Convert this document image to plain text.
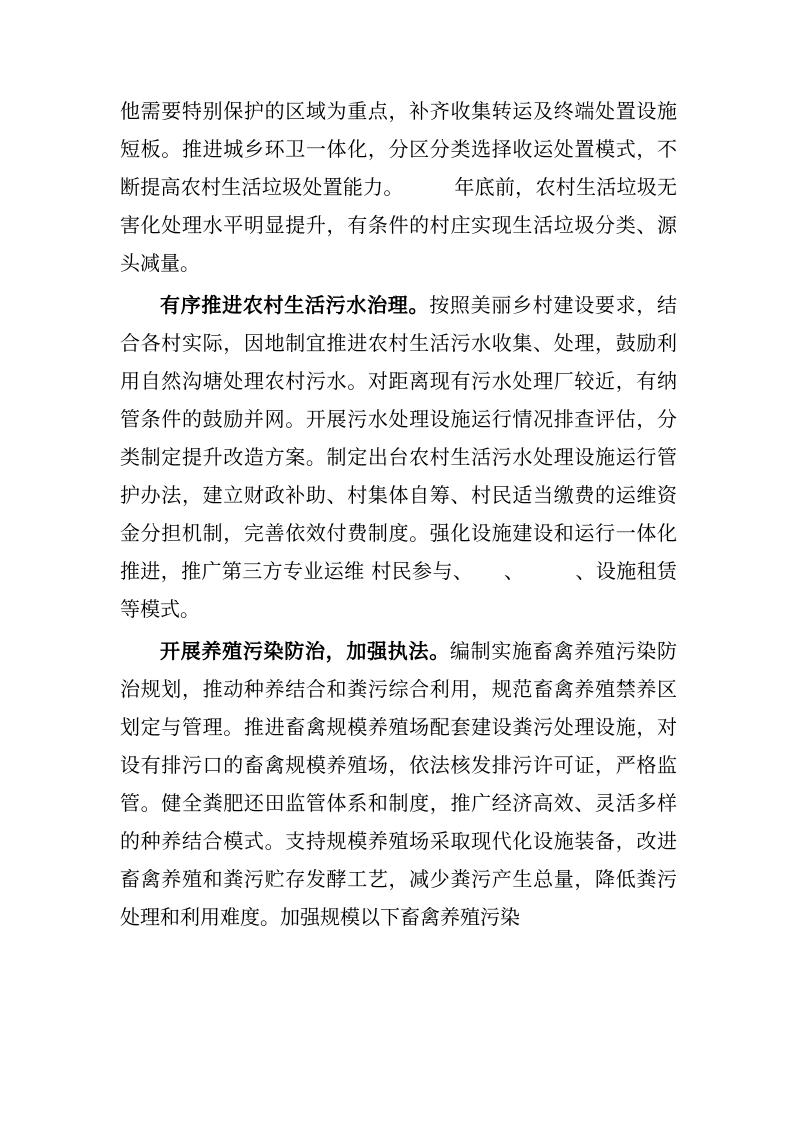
他需要特别保护的区域为重点，补齐收集转运及终端处置设施短板。推进城乡环卫一体化，分区分类选择收运处置模式，不断提高农村生活垃圾处置能力。　　　年底前，农村生活垃圾无害化处理水平明显提升，有条件的村庄实现生活垃圾分类、源头减量。

有序推进农村生活污水治理。按照美丽乡村建设要求，结合各村实际，因地制宜推进农村生活污水收集、处理，鼓励利用自然沟塘处理农村污水。对距离现有污水处理厂较近，有纳管条件的鼓励并网。开展污水处理设施运行情况排查评估，分类制定提升改造方案。制定出台农村生活污水处理设施运行管护办法，建立财政补助、村集体自筹、村民适当缴费的运维资金分担机制，完善依效付费制度。强化设施建设和运行一体化推进，推广第三方专业运维 村民参与、　　、　　　、设施租赁等模式。

开展养殖污染防治，加强执法。编制实施畜禽养殖污染防治规划，推动种养结合和粪污综合利用，规范畜禽养殖禁养区划定与管理。推进畜禽规模养殖场配套建设粪污处理设施，对设有排污口的畜禽规模养殖场，依法核发排污许可证，严格监管。健全粪肥还田监管体系和制度，推广经济高效、灵活多样的种养结合模式。支持规模养殖场采取现代化设施装备，改进畜禽养殖和粪污贮存发酵工艺，减少粪污产生总量，降低粪污处理和利用难度。加强规模以下畜禽养殖污染
